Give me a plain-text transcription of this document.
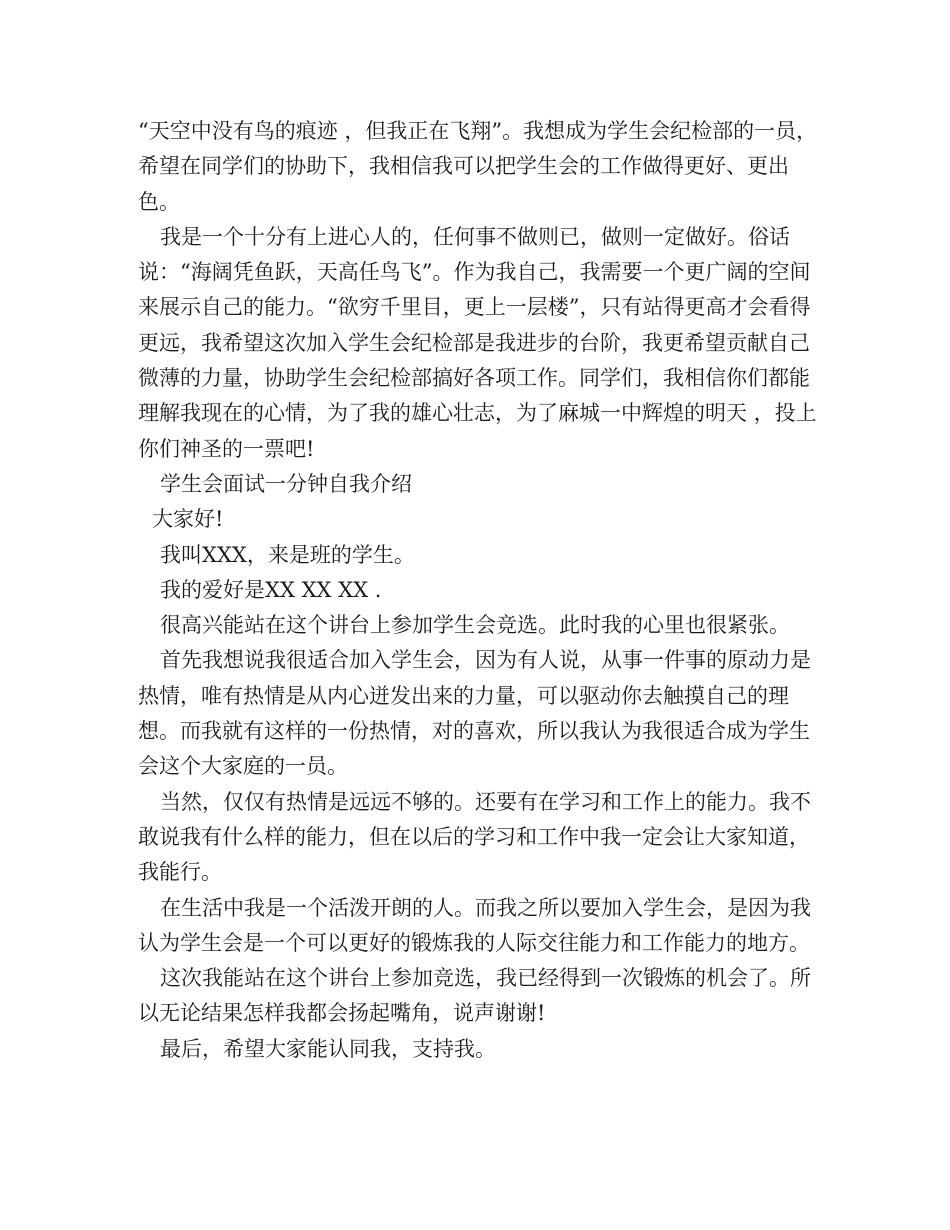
“天空中没有鸟的痕迹 ，但我正在飞翔”。我想成为学生会纪检部的一员，希望在同学们的协助下，我相信我可以把学生会的工作做得更好、更出色。

我是一个十分有上进心人的，任何事不做则已，做则一定做好。俗话说：“海阔凭鱼跃，天高任鸟飞”。作为我自己，我需要一个更广阔的空间来展示自己的能力。“欲穷千里目，更上一层楼”，只有站得更高才会看得更远，我希望这次加入学生会纪检部是我进步的台阶，我更希望贡献自己微薄的力量，协助学生会纪检部搞好各项工作。同学们，我相信你们都能理解我现在的心情，为了我的雄心壮志，为了麻城一中辉煌的明天 ，投上你们神圣的一票吧!

学生会面试一分钟自我介绍

大家好!

我叫XXX，来是班的学生。

我的爱好是XX XX XX .

很高兴能站在这个讲台上参加学生会竞选。此时我的心里也很紧张。

首先我想说我很适合加入学生会，因为有人说，从事一件事的原动力是热情，唯有热情是从内心迸发出来的力量，可以驱动你去触摸自己的理想。而我就有这样的一份热情，对的喜欢，所以我认为我很适合成为学生会这个大家庭的一员。

当然，仅仅有热情是远远不够的。还要有在学习和工作上的能力。我不敢说我有什么样的能力，但在以后的学习和工作中我一定会让大家知道，我能行。

在生活中我是一个活泼开朗的人。而我之所以要加入学生会，是因为我认为学生会是一个可以更好的锻炼我的人际交往能力和工作能力的地方。

这次我能站在这个讲台上参加竞选，我已经得到一次锻炼的机会了。所以无论结果怎样我都会扬起嘴角，说声谢谢!

最后，希望大家能认同我，支持我。
